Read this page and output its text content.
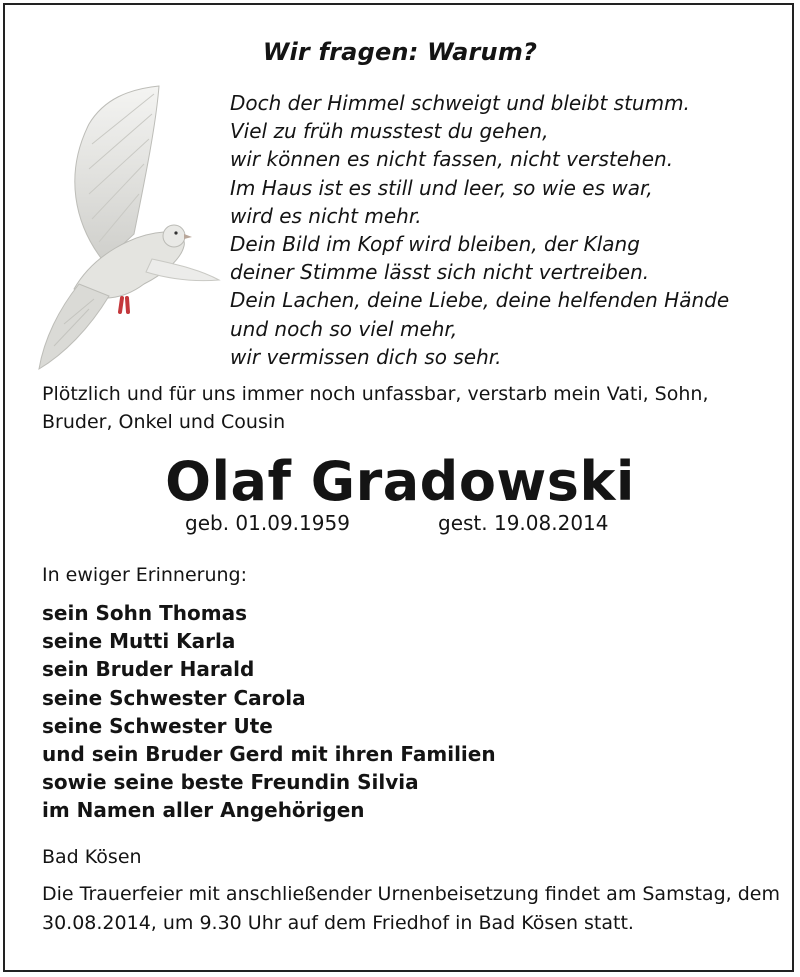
Wir fragen: Warum?
Doch der Himmel schweigt und bleibt stumm.
Viel zu früh musstest du gehen,
wir können es nicht fassen, nicht verstehen.
Im Haus ist es still und leer, so wie es war,
wird es nicht mehr.
Dein Bild im Kopf wird bleiben, der Klang
deiner Stimme lässt sich nicht vertreiben.
Dein Lachen, deine Liebe, deine helfenden Hände
und noch so viel mehr,
wir vermissen dich so sehr.
Plötzlich und für uns immer noch unfassbar, verstarb mein Vati, Sohn, Bruder, Onkel und Cousin
Olaf Gradowski
geb. 01.09.1959	gest. 19.08.2014
In ewiger Erinnerung:
sein Sohn Thomas
seine Mutti Karla
sein Bruder Harald
seine Schwester Carola
seine Schwester Ute
und sein Bruder Gerd mit ihren Familien
sowie seine beste Freundin Silvia
im Namen aller Angehörigen
Bad Kösen
Die Trauerfeier mit anschließender Urnenbeisetzung findet am Samstag, dem 30.08.2014, um 9.30 Uhr auf dem Friedhof in Bad Kösen statt.
